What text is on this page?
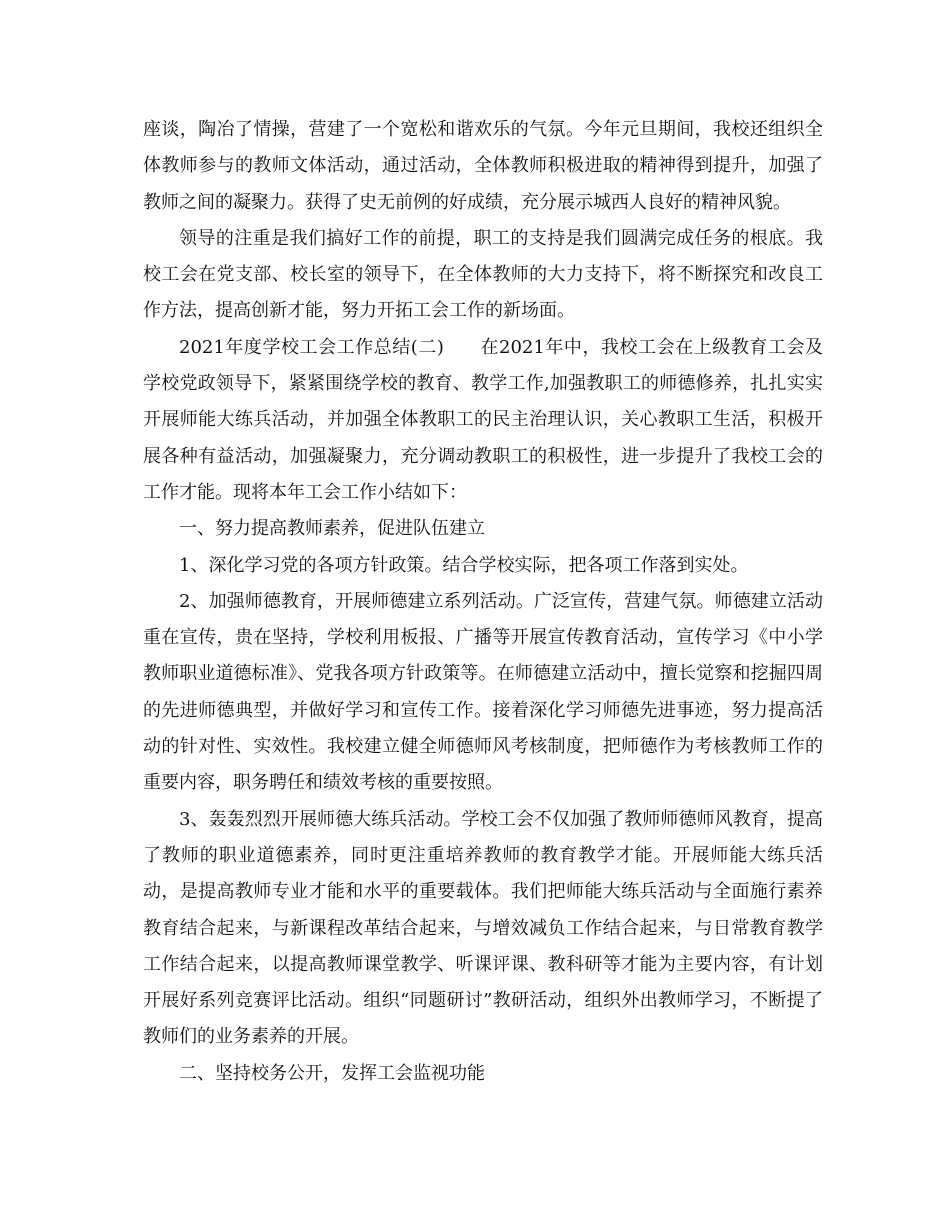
座谈，陶冶了情操，营建了一个宽松和谐欢乐的气氛。今年元旦期间，我校还组织全体教师参与的教师文体活动，通过活动，全体教师积极进取的精神得到提升，加强了教师之间的凝聚力。获得了史无前例的好成绩，充分展示城西人良好的精神风貌。

领导的注重是我们搞好工作的前提，职工的支持是我们圆满完成任务的根底。我校工会在党支部、校长室的领导下，在全体教师的大力支持下，将不断探究和改良工作方法，提高创新才能，努力开拓工会工作的新场面。

2021年度学校工会工作总结(二) 在2021年中，我校工会在上级教育工会及学校党政领导下，紧紧围绕学校的教育、教学工作,加强教职工的师德修养，扎扎实实开展师能大练兵活动，并加强全体教职工的民主治理认识，关心教职工生活，积极开展各种有益活动，加强凝聚力，充分调动教职工的积极性，进一步提升了我校工会的工作才能。现将本年工会工作小结如下：

一、努力提高教师素养，促进队伍建立

1、深化学习党的各项方针政策。结合学校实际，把各项工作落到实处。

2、加强师德教育，开展师德建立系列活动。广泛宣传，营建气氛。师德建立活动重在宣传，贵在坚持，学校利用板报、广播等开展宣传教育活动，宣传学习《中小学教师职业道德标准》、党我各项方针政策等。在师德建立活动中，擅长觉察和挖掘四周的先进师德典型，并做好学习和宣传工作。接着深化学习师德先进事迹，努力提高活动的针对性、实效性。我校建立健全师德师风考核制度，把师德作为考核教师工作的重要内容，职务聘任和绩效考核的重要按照。

3、轰轰烈烈开展师德大练兵活动。学校工会不仅加强了教师师德师风教育，提高了教师的职业道德素养，同时更注重培养教师的教育教学才能。开展师能大练兵活动，是提高教师专业才能和水平的重要载体。我们把师能大练兵活动与全面施行素养教育结合起来，与新课程改革结合起来，与增效减负工作结合起来，与日常教育教学工作结合起来，以提高教师课堂教学、听课评课、教科研等才能为主要内容，有计划开展好系列竞赛评比活动。组织“同题研讨”教研活动，组织外出教师学习，不断提了教师们的业务素养的开展。

二、坚持校务公开，发挥工会监视功能
